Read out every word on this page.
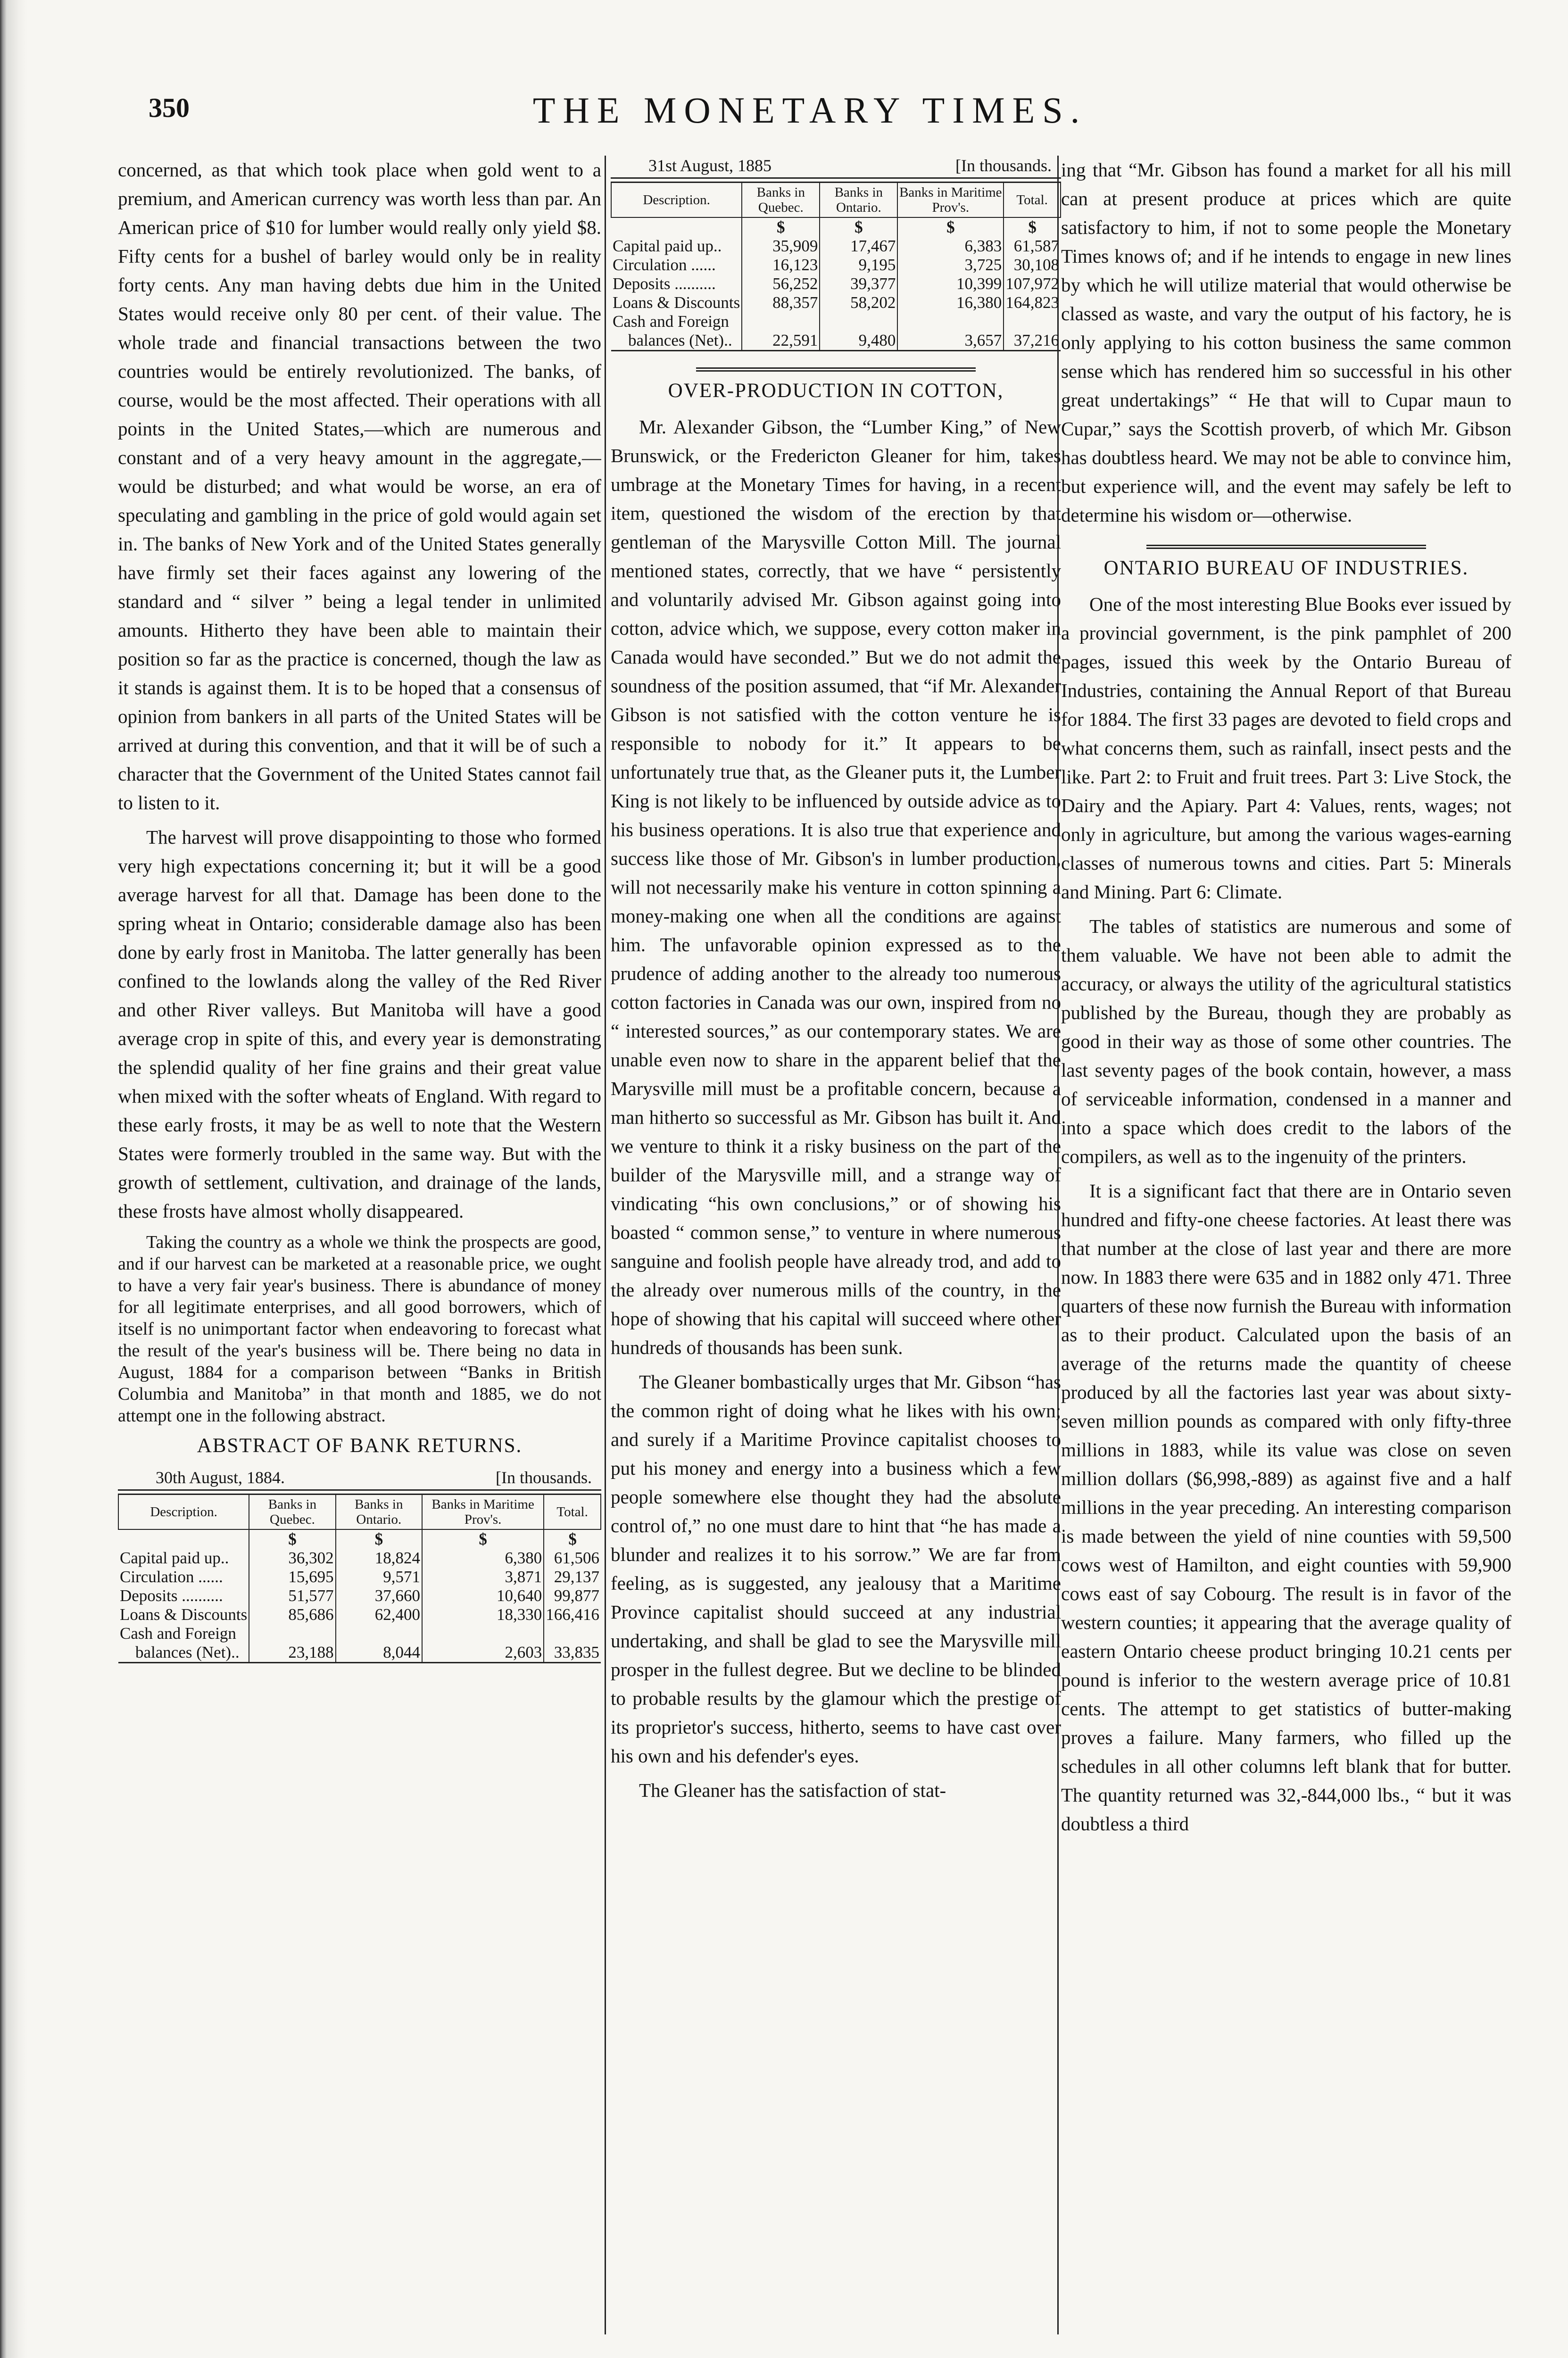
350	THE MONETARY TIMES.

concerned, as that which took place when gold went to a premium, and American currency was worth less than par. An American price of $10 for lumber would really only yield $8. Fifty cents for a bushel of barley would only be in reality forty cents. Any man having debts due him in the United States would receive only 80 per cent. of their value. The whole trade and financial transactions between the two countries would be entirely revolutionized. The banks, of course, would be the most affected. Their operations with all points in the United States,—which are numerous and constant and of a very heavy amount in the aggregate,—would be disturbed; and what would be worse, an era of speculating and gambling in the price of gold would again set in. The banks of New York and of the United States generally have firmly set their faces against any lowering of the standard and “ silver ” being a legal tender in unlimited amounts. Hitherto they have been able to maintain their position so far as the practice is concerned, though the law as it stands is against them. It is to be hoped that a consensus of opinion from bankers in all parts of the United States will be arrived at during this convention, and that it will be of such a character that the Government of the United States cannot fail to listen to it.

The harvest will prove disappointing to those who formed very high expectations concerning it; but it will be a good average harvest for all that. Damage has been done to the spring wheat in Ontario; considerable damage also has been done by early frost in Manitoba. The latter generally has been confined to the lowlands along the valley of the Red River and other River valleys. But Manitoba will have a good average crop in spite of this, and every year is demonstrating the splendid quality of her fine grains and their great value when mixed with the softer wheats of England. With regard to these early frosts, it may be as well to note that the Western States were formerly troubled in the same way. But with the growth of settlement, cultivation, and drainage of the lands, these frosts have almost wholly disappeared.

Taking the country as a whole we think the prospects are good, and if our harvest can be marketed at a reasonable price, we ought to have a very fair year's business. There is abundance of money for all legitimate enterprises, and all good borrowers, which of itself is no unimportant factor when endeavoring to forecast what the result of the year's business will be. There being no data in August, 1884 for a comparison between “Banks in British Columbia and Manitoba” in that month and 1885, we do not attempt one in the following abstract.

ABSTRACT OF BANK RETURNS.
30th August, 1884.	[In thousands.
Description.	Banks in Quebec.	Banks in Ontario.	Banks in Maritime Prov's.	Total.
	$	$	$	$
Capital paid up..	36,302	18,824	6,380	61,506
Circulation ......	15,695	9,571	3,871	29,137
Deposits ..........	51,577	37,660	10,640	99,877
Loans & Discounts	85,686	62,400	18,330	166,416
Cash and Foreign				
balances (Net)..	23,188	8,044	2,603	33,835
31st August, 1885	[In thousands.
Description.	Banks in Quebec.	Banks in Ontario.	Banks in Maritime Prov's.	Total.
	$	$	$	$
Capital paid up..	35,909	17,467	6,383	61,587
Circulation ......	16,123	9,195	3,725	30,108
Deposits ..........	56,252	39,377	10,399	107,972
Loans & Discounts	88,357	58,202	16,380	164,823
Cash and Foreign				
balances (Net)..	22,591	9,480	3,657	37,216
OVER-PRODUCTION IN COTTON,

Mr. Alexander Gibson, the “Lumber King,” of New Brunswick, or the Fredericton Gleaner for him, takes umbrage at the Monetary Times for having, in a recent item, questioned the wisdom of the erection by that gentleman of the Marysville Cotton Mill. The journal mentioned states, correctly, that we have “ persistently and voluntarily advised Mr. Gibson against going into cotton, advice which, we suppose, every cotton maker in Canada would have seconded.” But we do not admit the soundness of the position assumed, that “if Mr. Alexander Gibson is not satisfied with the cotton venture he is responsible to nobody for it.” It appears to be unfortunately true that, as the Gleaner puts it, the Lumber King is not likely to be influenced by outside advice as to his business operations. It is also true that experience and success like those of Mr. Gibson's in lumber production, will not necessarily make his venture in cotton spinning a money-making one when all the conditions are against him. The unfavorable opinion expressed as to the prudence of adding another to the already too numerous cotton factories in Canada was our own, inspired from no “ interested sources,” as our contemporary states. We are unable even now to share in the apparent belief that the Marysville mill must be a profitable concern, because a man hitherto so successful as Mr. Gibson has built it. And we venture to think it a risky business on the part of the builder of the Marysville mill, and a strange way of vindicating “his own conclusions,” or of showing his boasted “ common sense,” to venture in where numerous sanguine and foolish people have already trod, and add to the already over numerous mills of the country, in the hope of showing that his capital will succeed where other hundreds of thousands has been sunk.

The Gleaner bombastically urges that Mr. Gibson “has the common right of doing what he likes with his own; and surely if a Maritime Province capitalist chooses to put his money and energy into a business which a few people somewhere else thought they had the absolute control of,” no one must dare to hint that “he has made a blunder and realizes it to his sorrow.” We are far from feeling, as is suggested, any jealousy that a Maritime Province capitalist should succeed at any industrial undertaking, and shall be glad to see the Marysville mill prosper in the fullest degree. But we decline to be blinded to probable results by the glamour which the prestige of its proprietor's success, hitherto, seems to have cast over his own and his defender's eyes.

The Gleaner has the satisfaction of stat-

ing that “Mr. Gibson has found a market for all his mill can at present produce at prices which are quite satisfactory to him, if not to some people the Monetary Times knows of; and if he intends to engage in new lines by which he will utilize material that would otherwise be classed as waste, and vary the output of his factory, he is only applying to his cotton business the same common sense which has rendered him so successful in his other great undertakings” “ He that will to Cupar maun to Cupar,” says the Scottish proverb, of which Mr. Gibson has doubtless heard. We may not be able to convince him, but experience will, and the event may safely be left to determine his wisdom or—otherwise.

ONTARIO BUREAU OF INDUSTRIES.

One of the most interesting Blue Books ever issued by a provincial government, is the pink pamphlet of 200 pages, issued this week by the Ontario Bureau of Industries, containing the Annual Report of that Bureau for 1884. The first 33 pages are devoted to field crops and what concerns them, such as rainfall, insect pests and the like. Part 2: to Fruit and fruit trees. Part 3: Live Stock, the Dairy and the Apiary. Part 4: Values, rents, wages; not only in agriculture, but among the various wages-earning classes of numerous towns and cities. Part 5: Minerals and Mining. Part 6: Climate.

The tables of statistics are numerous and some of them valuable. We have not been able to admit the accuracy, or always the utility of the agricultural statistics published by the Bureau, though they are probably as good in their way as those of some other countries. The last seventy pages of the book contain, however, a mass of serviceable information, condensed in a manner and into a space which does credit to the labors of the compilers, as well as to the ingenuity of the printers.

It is a significant fact that there are in Ontario seven hundred and fifty-one cheese factories. At least there was that number at the close of last year and there are more now. In 1883 there were 635 and in 1882 only 471. Three quarters of these now furnish the Bureau with information as to their product. Calculated upon the basis of an average of the returns made the quantity of cheese produced by all the factories last year was about sixty-seven million pounds as compared with only fifty-three millions in 1883, while its value was close on seven million dollars ($6,998,-889) as against five and a half millions in the year preceding. An interesting comparison is made between the yield of nine counties with 59,500 cows west of Hamilton, and eight counties with 59,900 cows east of say Cobourg. The result is in favor of the western counties; it appearing that the average quality of eastern Ontario cheese product bringing 10.21 cents per pound is inferior to the western average price of 10.81 cents. The attempt to get statistics of butter-making proves a failure. Many farmers, who filled up the schedules in all other columns left blank that for butter. The quantity returned was 32,-844,000 lbs., “ but it was doubtless a third
